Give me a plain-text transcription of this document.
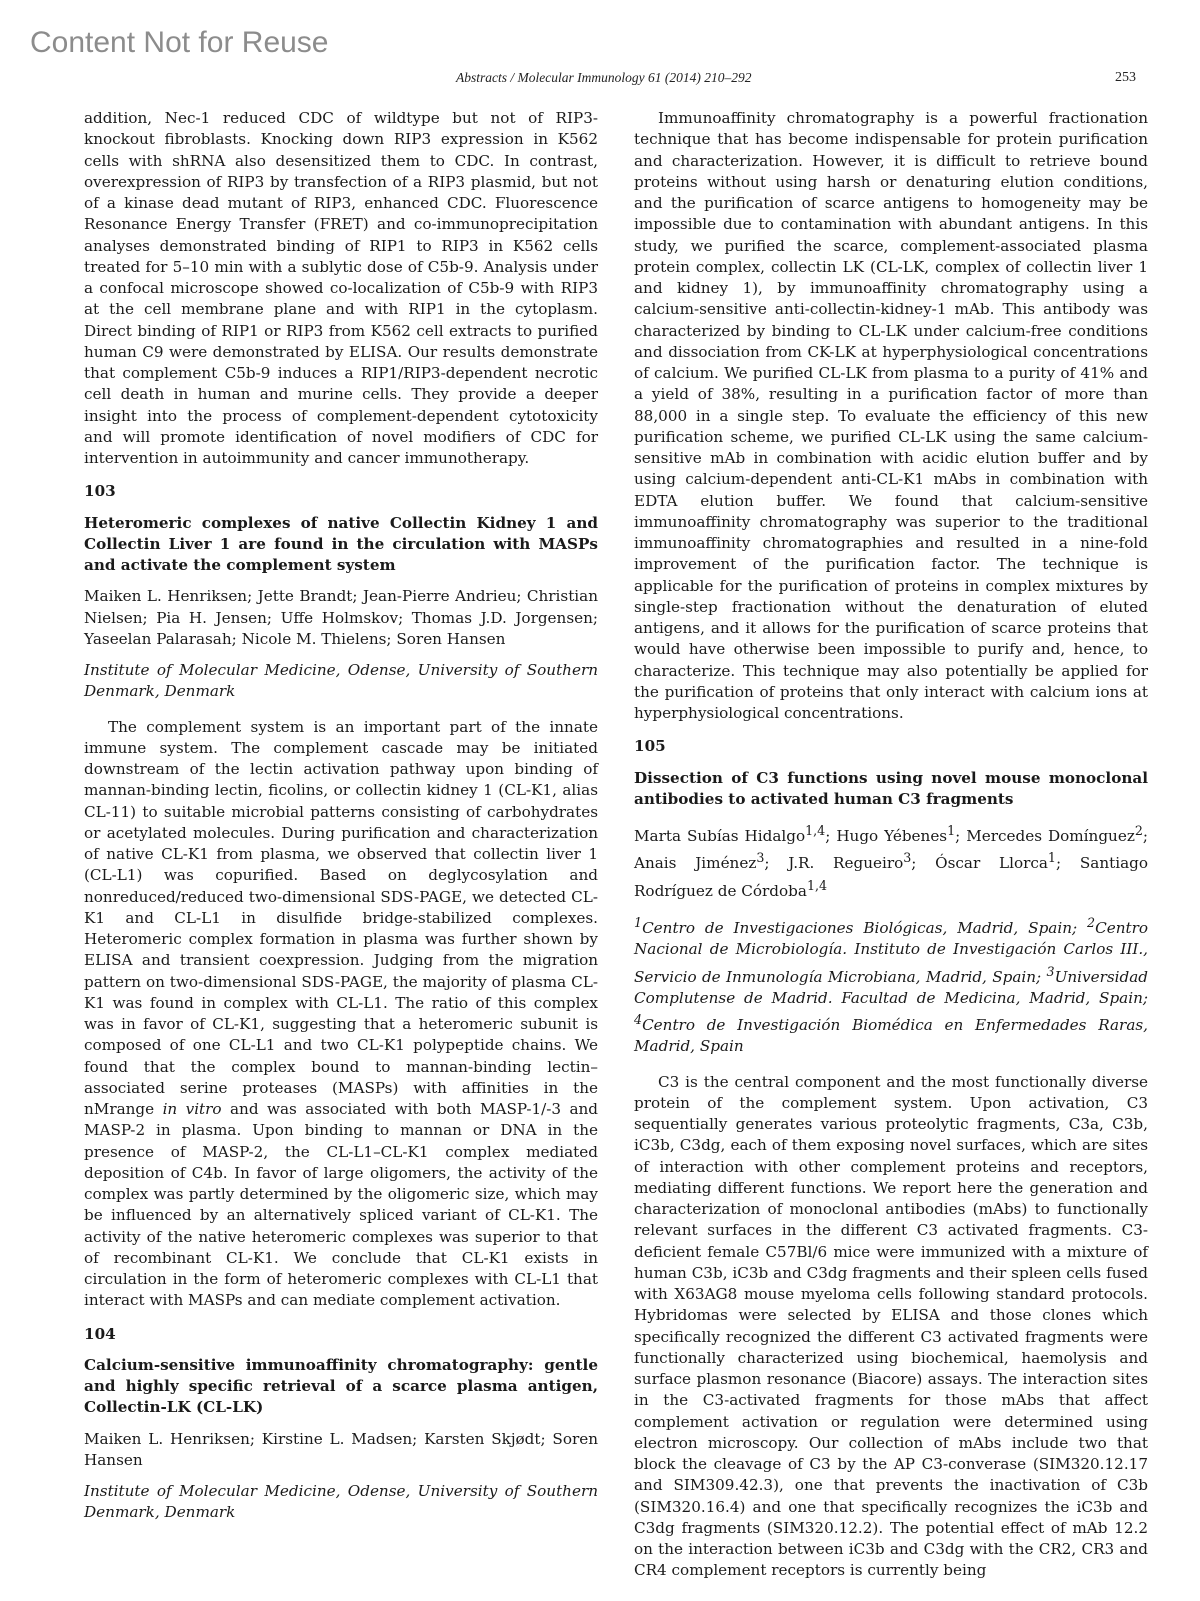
Content Not for Reuse
Abstracts / Molecular Immunology 61 (2014) 210–292	253

addition, Nec-1 reduced CDC of wildtype but not of RIP3-knockout fibroblasts. Knocking down RIP3 expression in K562 cells with shRNA also desensitized them to CDC. In contrast, overexpression of RIP3 by transfection of a RIP3 plasmid, but not of a kinase dead mutant of RIP3, enhanced CDC. Fluorescence Resonance Energy Transfer (FRET) and co-immunoprecipitation analyses demonstrated binding of RIP1 to RIP3 in K562 cells treated for 5–10 min with a sublytic dose of C5b-9. Analysis under a confocal microscope showed co-localization of C5b-9 with RIP3 at the cell membrane plane and with RIP1 in the cytoplasm. Direct binding of RIP1 or RIP3 from K562 cell extracts to purified human C9 were demonstrated by ELISA. Our results demonstrate that complement C5b-9 induces a RIP1/RIP3-dependent necrotic cell death in human and murine cells. They provide a deeper insight into the process of complement-dependent cytotoxicity and will promote identification of novel modifiers of CDC for intervention in autoimmunity and cancer immunotherapy.

103

Heteromeric complexes of native Collectin Kidney 1 and Collectin Liver 1 are found in the circulation with MASPs and activate the complement system

Maiken L. Henriksen; Jette Brandt; Jean-Pierre Andrieu; Christian Nielsen; Pia H. Jensen; Uffe Holmskov; Thomas J.D. Jorgensen; Yaseelan Palarasah; Nicole M. Thielens; Soren Hansen

Institute of Molecular Medicine, Odense, University of Southern Denmark, Denmark

The complement system is an important part of the innate immune system. The complement cascade may be initiated downstream of the lectin activation pathway upon binding of mannan-binding lectin, ficolins, or collectin kidney 1 (CL-K1, alias CL-11) to suitable microbial patterns consisting of carbohydrates or acetylated molecules. During purification and characterization of native CL-K1 from plasma, we observed that collectin liver 1 (CL-L1) was copurified. Based on deglycosylation and nonreduced/reduced two-dimensional SDS-PAGE, we detected CL-K1 and CL-L1 in disulfide bridge-stabilized complexes. Heteromeric complex formation in plasma was further shown by ELISA and transient coexpression. Judging from the migration pattern on two-dimensional SDS-PAGE, the majority of plasma CL-K1 was found in complex with CL-L1. The ratio of this complex was in favor of CL-K1, suggesting that a heteromeric subunit is composed of one CL-L1 and two CL-K1 polypeptide chains. We found that the complex bound to mannan-binding lectin–associated serine proteases (MASPs) with affinities in the nMrange in vitro and was associated with both MASP-1/-3 and MASP-2 in plasma. Upon binding to mannan or DNA in the presence of MASP-2, the CL-L1–CL-K1 complex mediated deposition of C4b. In favor of large oligomers, the activity of the complex was partly determined by the oligomeric size, which may be influenced by an alternatively spliced variant of CL-K1. The activity of the native heteromeric complexes was superior to that of recombinant CL-K1. We conclude that CL-K1 exists in circulation in the form of heteromeric complexes with CL-L1 that interact with MASPs and can mediate complement activation.

104

Calcium-sensitive immunoaffinity chromatography: gentle and highly specific retrieval of a scarce plasma antigen, Collectin-LK (CL-LK)

Maiken L. Henriksen; Kirstine L. Madsen; Karsten Skjødt; Soren Hansen

Institute of Molecular Medicine, Odense, University of Southern Denmark, Denmark

Immunoaffinity chromatography is a powerful fractionation technique that has become indispensable for protein purification and characterization. However, it is difficult to retrieve bound proteins without using harsh or denaturing elution conditions, and the purification of scarce antigens to homogeneity may be impossible due to contamination with abundant antigens. In this study, we purified the scarce, complement-associated plasma protein complex, collectin LK (CL-LK, complex of collectin liver 1 and kidney 1), by immunoaffinity chromatography using a calcium-sensitive anti-collectin-kidney-1 mAb. This antibody was characterized by binding to CL-LK under calcium-free conditions and dissociation from CK-LK at hyperphysiological concentrations of calcium. We purified CL-LK from plasma to a purity of 41% and a yield of 38%, resulting in a purification factor of more than 88,000 in a single step. To evaluate the efficiency of this new purification scheme, we purified CL-LK using the same calcium-sensitive mAb in combination with acidic elution buffer and by using calcium-dependent anti-CL-K1 mAbs in combination with EDTA elution buffer. We found that calcium-sensitive immunoaffinity chromatography was superior to the traditional immunoaffinity chromatographies and resulted in a nine-fold improvement of the purification factor. The technique is applicable for the purification of proteins in complex mixtures by single-step fractionation without the denaturation of eluted antigens, and it allows for the purification of scarce proteins that would have otherwise been impossible to purify and, hence, to characterize. This technique may also potentially be applied for the purification of proteins that only interact with calcium ions at hyperphysiological concentrations.

105

Dissection of C3 functions using novel mouse monoclonal antibodies to activated human C3 fragments

Marta Subías Hidalgo$^{1,4}$; Hugo Yébenes$^1$; Mercedes Domínguez$^2$; Anais Jiménez$^3$; J.R. Regueiro$^3$; Óscar Llorca$^1$; Santiago Rodríguez de Córdoba$^{1,4}$

$^1$Centro de Investigaciones Biológicas, Madrid, Spain; $^2$Centro Nacional de Microbiología. Instituto de Investigación Carlos III., Servicio de Inmunología Microbiana, Madrid, Spain; $^3$Universidad Complutense de Madrid. Facultad de Medicina, Madrid, Spain; $^4$Centro de Investigación Biomédica en Enfermedades Raras, Madrid, Spain

C3 is the central component and the most functionally diverse protein of the complement system. Upon activation, C3 sequentially generates various proteolytic fragments, C3a, C3b, iC3b, C3dg, each of them exposing novel surfaces, which are sites of interaction with other complement proteins and receptors, mediating different functions. We report here the generation and characterization of monoclonal antibodies (mAbs) to functionally relevant surfaces in the different C3 activated fragments. C3-deficient female C57Bl/6 mice were immunized with a mixture of human C3b, iC3b and C3dg fragments and their spleen cells fused with X63AG8 mouse myeloma cells following standard protocols. Hybridomas were selected by ELISA and those clones which specifically recognized the different C3 activated fragments were functionally characterized using biochemical, haemolysis and surface plasmon resonance (Biacore) assays. The interaction sites in the C3-activated fragments for those mAbs that affect complement activation or regulation were determined using electron microscopy. Our collection of mAbs include two that block the cleavage of C3 by the AP C3-converase (SIM320.12.17 and SIM309.42.3), one that prevents the inactivation of C3b (SIM320.16.4) and one that specifically recognizes the iC3b and C3dg fragments (SIM320.12.2). The potential effect of mAb 12.2 on the interaction between iC3b and C3dg with the CR2, CR3 and CR4 complement receptors is currently being
